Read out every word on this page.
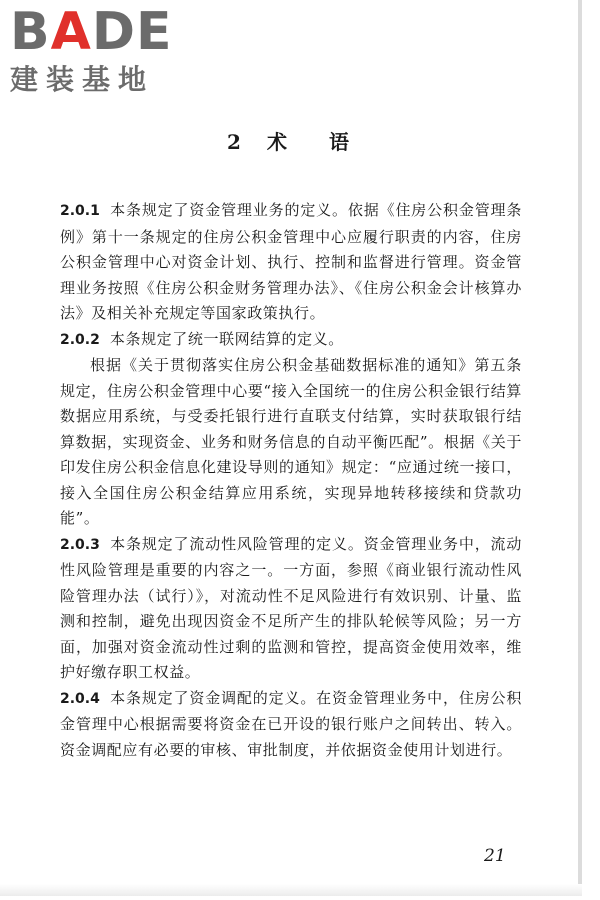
BADE
建装基地
2 术 语

2.0.1 本条规定了资金管理业务的定义。依据《住房公积金管理条例》第十一条规定的住房公积金管理中心应履行职责的内容，住房公积金管理中心对资金计划、执行、控制和监督进行管理。资金管理业务按照《住房公积金财务管理办法》、《住房公积金会计核算办法》及相关补充规定等国家政策执行。

2.0.2 本条规定了统一联网结算的定义。

根据《关于贯彻落实住房公积金基础数据标准的通知》第五条规定，住房公积金管理中心要“接入全国统一的住房公积金银行结算数据应用系统，与受委托银行进行直联支付结算，实时获取银行结算数据，实现资金、业务和财务信息的自动平衡匹配”。根据《关于印发住房公积金信息化建设导则的通知》规定：“应通过统一接口，接入全国住房公积金结算应用系统，实现异地转移接续和贷款功能”。

2.0.3 本条规定了流动性风险管理的定义。资金管理业务中，流动性风险管理是重要的内容之一。一方面，参照《商业银行流动性风险管理办法（试行）》，对流动性不足风险进行有效识别、计量、监测和控制，避免出现因资金不足所产生的排队轮候等风险；另一方面，加强对资金流动性过剩的监测和管控，提高资金使用效率，维护好缴存职工权益。

2.0.4 本条规定了资金调配的定义。在资金管理业务中，住房公积金管理中心根据需要将资金在已开设的银行账户之间转出、转入。资金调配应有必要的审核、审批制度，并依据资金使用计划进行。

21
